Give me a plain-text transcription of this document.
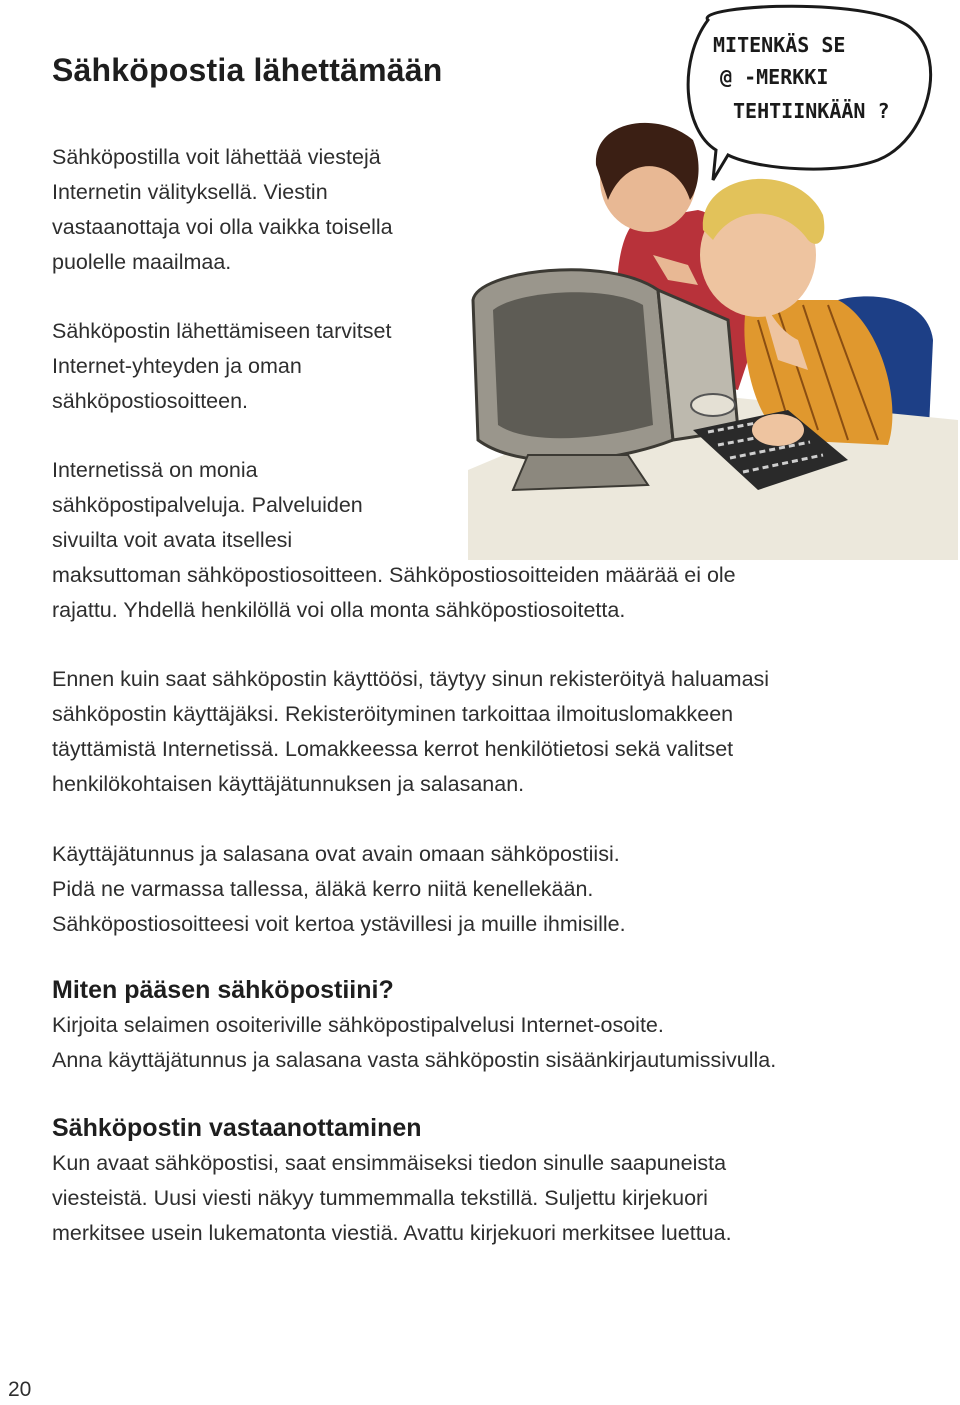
Sähköpostia lähettämään
MITENKÄS SE
@ -MERKKI
TEHTIINKÄÄN ?
Sähköpostilla voit lähettää viestejä
Internetin välityksellä. Viestin
vastaanottaja voi olla vaikka toisella
puolelle maailmaa.
Sähköpostin lähettämiseen tarvitset
Internet-yhteyden ja oman
sähköpostiosoitteen.
Internetissä on monia
sähköpostipalveluja. Palveluiden
sivuilta voit avata itsellesi
maksuttoman sähköpostiosoitteen. Sähköpostiosoitteiden määrää ei ole
rajattu. Yhdellä henkilöllä voi olla monta sähköpostiosoitetta.
Ennen kuin saat sähköpostin käyttöösi, täytyy sinun rekisteröityä haluamasi
sähköpostin käyttäjäksi. Rekisteröityminen tarkoittaa ilmoituslomakkeen
täyttämistä Internetissä. Lomakkeessa kerrot henkilötietosi sekä valitset
henkilökohtaisen käyttäjätunnuksen ja salasanan.
Käyttäjätunnus ja salasana ovat avain omaan sähköpostiisi.
Pidä ne varmassa tallessa, äläkä kerro niitä kenellekään.
Sähköpostiosoitteesi voit kertoa ystävillesi ja muille ihmisille.
Miten pääsen sähköpostiini?
Kirjoita selaimen osoiteriville sähköpostipalvelusi Internet-osoite.
Anna käyttäjätunnus ja salasana vasta sähköpostin sisäänkirjautumissivulla.
Sähköpostin vastaanottaminen
Kun avaat sähköpostisi, saat ensimmäiseksi tiedon sinulle saapuneista
viesteistä. Uusi viesti näkyy tummemmalla tekstillä. Suljettu kirjekuori
merkitsee usein lukematonta viestiä. Avattu kirjekuori merkitsee luettua.

20
